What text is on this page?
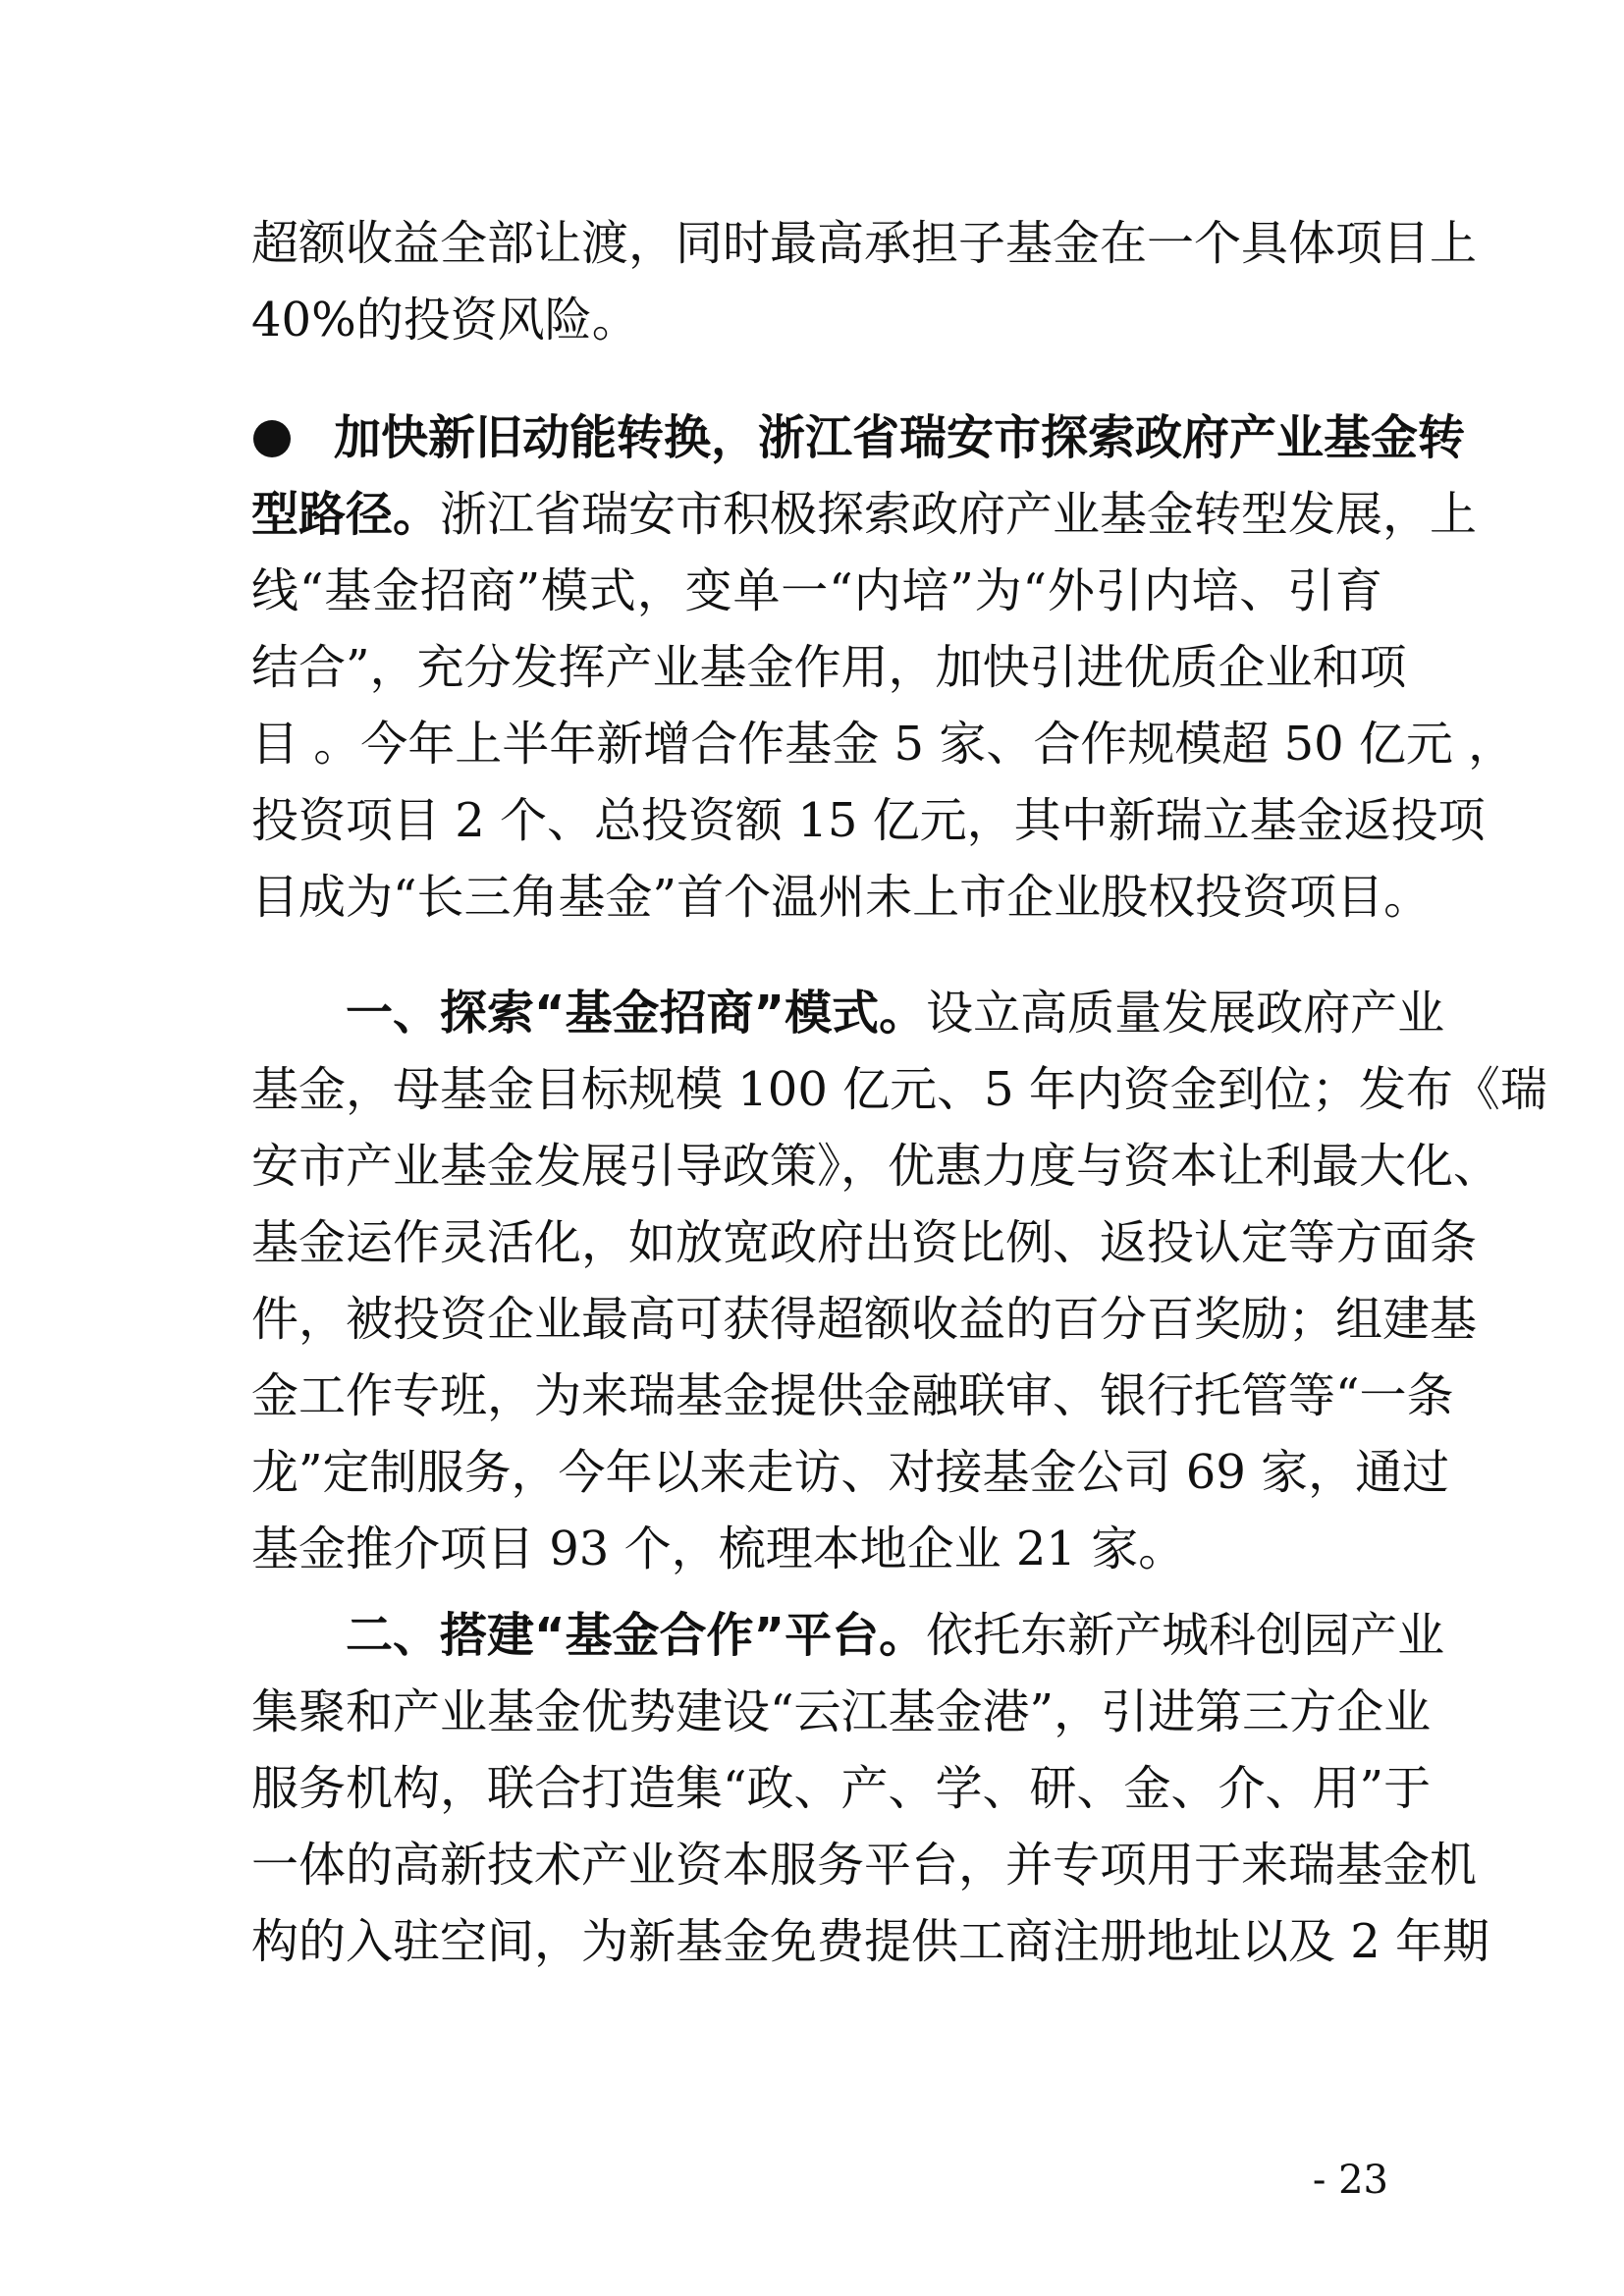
超额收益全部让渡，同时最高承担子基金在一个具体项目上
40%的投资风险。
加快新旧动能转换，浙江省瑞安市探索政府产业基金转
型路径。浙江省瑞安市积极探索政府产业基金转型发展，上
线“基金招商”模式，变单一“内培”为“外引内培、引育
结合”，充分发挥产业基金作用，加快引进优质企业和项
目 。今年上半年新增合作基金 5 家、合作规模超 50 亿元 ，
投资项目 2 个、总投资额 15 亿元，其中新瑞立基金返投项
目成为“长三角基金”首个温州未上市企业股权投资项目。
一、探索“基金招商”模式。设立高质量发展政府产业
基金，母基金目标规模 100 亿元、5 年内资金到位；发布《瑞
安市产业基金发展引导政策》，优惠力度与资本让利最大化、
基金运作灵活化，如放宽政府出资比例、返投认定等方面条
件，被投资企业最高可获得超额收益的百分百奖励；组建基
金工作专班，为来瑞基金提供金融联审、银行托管等“一条
龙”定制服务，今年以来走访、对接基金公司 69 家，通过
基金推介项目 93 个，梳理本地企业 21 家。
二、搭建“基金合作”平台。依托东新产城科创园产业
集聚和产业基金优势建设“云江基金港”，引进第三方企业
服务机构，联合打造集“政、产、学、研、金、介、用”于
一体的高新技术产业资本服务平台，并专项用于来瑞基金机
构的入驻空间，为新基金免费提供工商注册地址以及 2 年期
- 23
